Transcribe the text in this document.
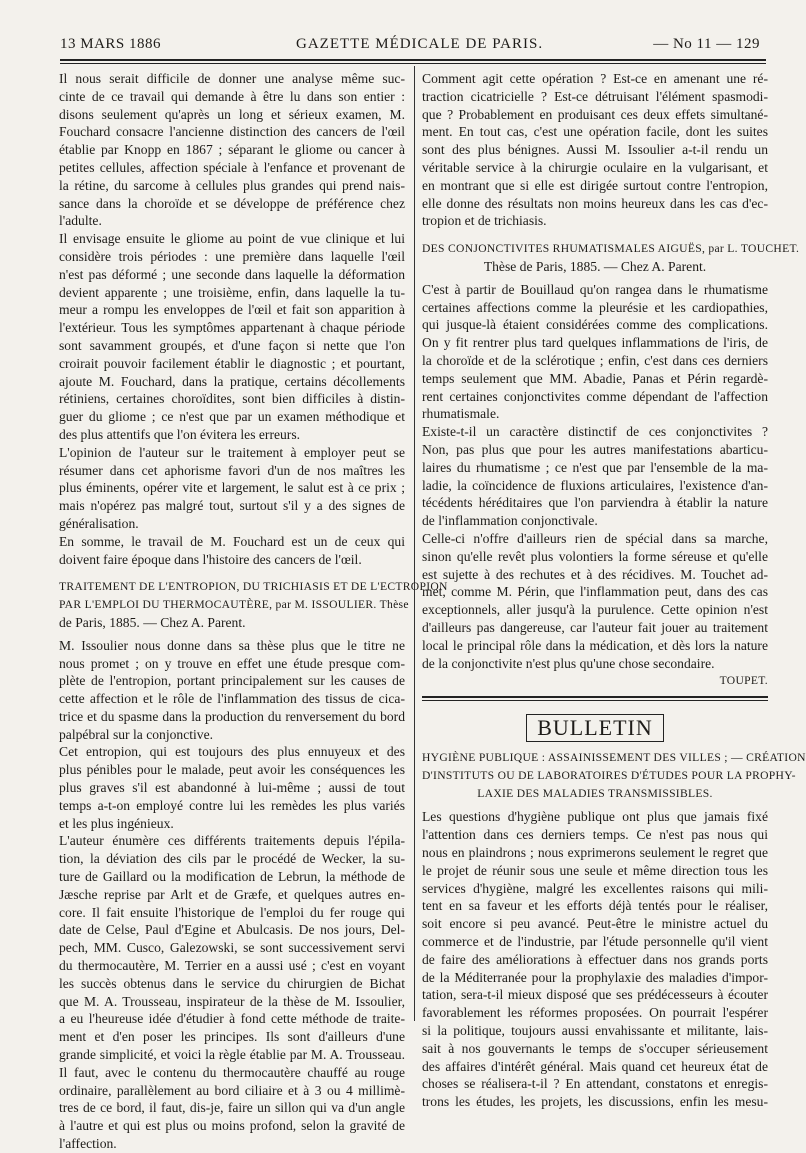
13 MARS 1886	GAZETTE MÉDICALE DE PARIS.	— No 11 — 129
Il nous serait difficile de donner une analyse même suc-
cinte de ce travail qui demande à être lu dans son entier :
disons seulement qu'après un long et sérieux examen, M.
Fouchard consacre l'ancienne distinction des cancers de l'œil
établie par Knopp en 1867 ; séparant le gliome ou cancer à
petites cellules, affection spéciale à l'enfance et provenant de
la rétine, du sarcome à cellules plus grandes qui prend nais-
sance dans la choroïde et se développe de préférence chez
l'adulte.
Il envisage ensuite le gliome au point de vue clinique et lui
considère trois périodes : une première dans laquelle l'œil
n'est pas déformé ; une seconde dans laquelle la déformation
devient apparente ; une troisième, enfin, dans laquelle la tu-
meur a rompu les enveloppes de l'œil et fait son apparition à
l'extérieur. Tous les symptômes appartenant à chaque période
sont savamment groupés, et d'une façon si nette que l'on
croirait pouvoir facilement établir le diagnostic ; et pourtant,
ajoute M. Fouchard, dans la pratique, certains décollements
rétiniens, certaines choroïdites, sont bien difficiles à distin-
guer du gliome ; ce n'est que par un examen méthodique et
des plus attentifs que l'on évitera les erreurs.
L'opinion de l'auteur sur le traitement à employer peut se
résumer dans cet aphorisme favori d'un de nos maîtres les
plus éminents, opérer vite et largement, le salut est à ce prix ;
mais n'opérez pas malgré tout, surtout s'il y a des signes de
généralisation.
En somme, le travail de M. Fouchard est un de ceux qui
doivent faire époque dans l'histoire des cancers de l'œil.
TRAITEMENT DE L'ENTROPION, DU TRICHIASIS ET DE L'ECTROPION
PAR L'EMPLOI DU THERMOCAUTÈRE, par M. ISSOULIER. Thèse
de Paris, 1885. — Chez A. Parent.
M. Issoulier nous donne dans sa thèse plus que le titre ne
nous promet ; on y trouve en effet une étude presque com-
plète de l'entropion, portant principalement sur les causes de
cette affection et le rôle de l'inflammation des tissus de cica-
trice et du spasme dans la production du renversement du bord
palpébral sur la conjonctive.
Cet entropion, qui est toujours des plus ennuyeux et des
plus pénibles pour le malade, peut avoir les conséquences les
plus graves s'il est abandonné à lui-même ; aussi de tout
temps a-t-on employé contre lui les remèdes les plus variés
et les plus ingénieux.
L'auteur énumère ces différents traitements depuis l'épila-
tion, la déviation des cils par le procédé de Wecker, la su-
ture de Gaillard ou la modification de Lebrun, la méthode de
Jæsche reprise par Arlt et de Græfe, et quelques autres en-
core. Il fait ensuite l'historique de l'emploi du fer rouge qui
date de Celse, Paul d'Egine et Abulcasis. De nos jours, Del-
pech, MM. Cusco, Galezowski, se sont successivement servi
du thermocautère, M. Terrier en a aussi usé ; c'est en voyant
les succès obtenus dans le service du chirurgien de Bichat
que M. A. Trousseau, inspirateur de la thèse de M. Issoulier,
a eu l'heureuse idée d'étudier à fond cette méthode de traite-
ment et d'en poser les principes. Ils sont d'ailleurs d'une
grande simplicité, et voici la règle établie par M. A. Trousseau.
Il faut, avec le contenu du thermocautère chauffé au rouge
ordinaire, parallèlement au bord ciliaire et à 3 ou 4 millimè-
tres de ce bord, il faut, dis-je, faire un sillon qui va d'un angle
à l'autre et qui est plus ou moins profond, selon la gravité de
l'affection.
Comment agit cette opération ? Est-ce en amenant une ré-
traction cicatricielle ? Est-ce détruisant l'élément spasmodi-
que ? Probablement en produisant ces deux effets simultané-
ment. En tout cas, c'est une opération facile, dont les suites
sont des plus bénignes. Aussi M. Issoulier a-t-il rendu un
véritable service à la chirurgie oculaire en la vulgarisant, et
en montrant que si elle est dirigée surtout contre l'entropion,
elle donne des résultats non moins heureux dans les cas d'ec-
tropion et de trichiasis.
DES CONJONCTIVITES RHUMATISMALES AIGUËS, par L. TOUCHET.
Thèse de Paris, 1885. — Chez A. Parent.
C'est à partir de Bouillaud qu'on rangea dans le rhumatisme
certaines affections comme la pleurésie et les cardiopathies,
qui jusque-là étaient considérées comme des complications.
On y fit rentrer plus tard quelques inflammations de l'iris, de
la choroïde et de la sclérotique ; enfin, c'est dans ces derniers
temps seulement que MM. Abadie, Panas et Périn regardè-
rent certaines conjonctivites comme dépendant de l'affection
rhumatismale.
Existe-t-il un caractère distinctif de ces conjonctivites ?
Non, pas plus que pour les autres manifestations abarticu-
laires du rhumatisme ; ce n'est que par l'ensemble de la ma-
ladie, la coïncidence de fluxions articulaires, l'existence d'an-
técédents héréditaires que l'on parviendra à établir la nature
de l'inflammation conjonctivale.
Celle-ci n'offre d'ailleurs rien de spécial dans sa marche,
sinon qu'elle revêt plus volontiers la forme séreuse et qu'elle
est sujette à des rechutes et à des récidives. M. Touchet ad-
met, comme M. Périn, que l'inflammation peut, dans des cas
exceptionnels, aller jusqu'à la purulence. Cette opinion n'est
d'ailleurs pas dangereuse, car l'auteur fait jouer au traitement
local le principal rôle dans la médication, et dès lors la nature
de la conjonctivite n'est plus qu'une chose secondaire.
TOUPET.
BULLETIN
HYGIÈNE PUBLIQUE : ASSAINISSEMENT DES VILLES ; — CRÉATION
D'INSTITUTS OU DE LABORATOIRES D'ÉTUDES POUR LA PROPHY-
LAXIE DES MALADIES TRANSMISSIBLES.
Les questions d'hygiène publique ont plus que jamais fixé
l'attention dans ces derniers temps. Ce n'est pas nous qui
nous en plaindrons ; nous exprimerons seulement le regret que
le projet de réunir sous une seule et même direction tous les
services d'hygiène, malgré les excellentes raisons qui mili-
tent en sa faveur et les efforts déjà tentés pour le réaliser,
soit encore si peu avancé. Peut-être le ministre actuel du
commerce et de l'industrie, par l'étude personnelle qu'il vient
de faire des améliorations à effectuer dans nos grands ports
de la Méditerranée pour la prophylaxie des maladies d'impor-
tation, sera-t-il mieux disposé que ses prédécesseurs à écouter
favorablement les réformes proposées. On pourrait l'espérer
si la politique, toujours aussi envahissante et militante, lais-
sait à nos gouvernants le temps de s'occuper sérieusement
des affaires d'intérêt général. Mais quand cet heureux état de
choses se réalisera-t-il ? En attendant, constatons et enregis-
trons les études, les projets, les discussions, enfin les mesu-
